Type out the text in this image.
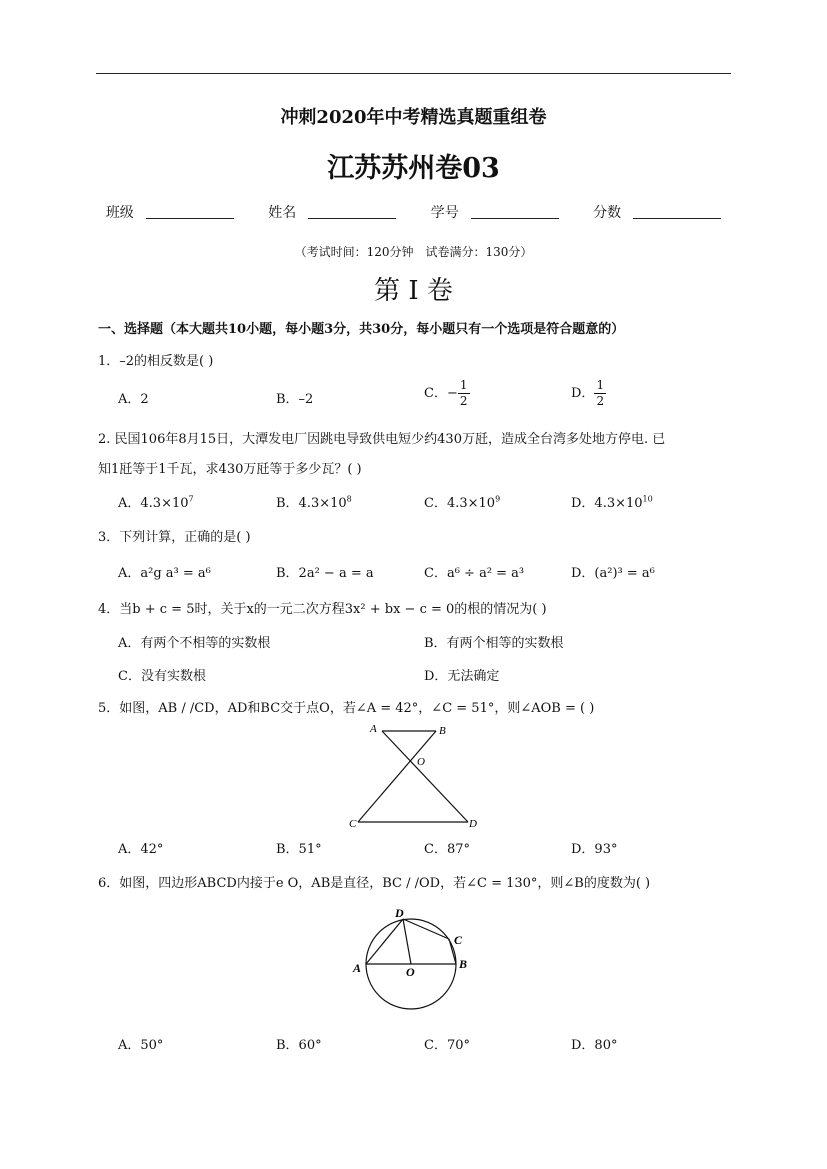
冲刺2020年中考精选真题重组卷
江苏苏州卷03
班级	姓名	学号	分数
（考试时间：120分钟　试卷满分：130分）
第 I 卷
一、选择题（本大题共10小题，每小题3分，共30分，每小题只有一个选项是符合题意的）
1．–2的相反数是( )
A．2	B．–2	C．− $\frac{1}{2}$	D． $\frac{1}{2}$
2. 民国106年8月15日，大潭发电厂因跳电导致供电短少约430万瓩，造成全台湾多处地方停电. 已
知1瓩等于1千瓦，求430万瓩等于多少瓦？( )
A．$4.3\times 10^7$	B．$4.3\times 10^8$	C．$4.3\times 10^9$	D．$4.3\times 10^{10}$
3．下列计算，正确的是( )
A．a²g a³ = a⁶	B．2a² − a = a	C．a⁶ ÷ a² = a³	D．(a²)³ = a⁶
4．当b + c = 5时，关于x的一元二次方程3x² + bx − c = 0的根的情况为( )
A．有两个不相等的实数根	B．有两个相等的实数根
C．没有实数根	D．无法确定
5．如图，AB / /CD，AD和BC交于点O，若∠A = 42°，∠C = 51°，则∠AOB = ( )
A	B
O
C	D
A．42°	B．51°	C．87°	D．93°
6．如图，四边形ABCD内接于e O，AB是直径，BC / /OD，若∠C = 130°，则∠B的度数为( )
D
C
A	O
B
A．50°	B．60°	C．70°	D．80°
